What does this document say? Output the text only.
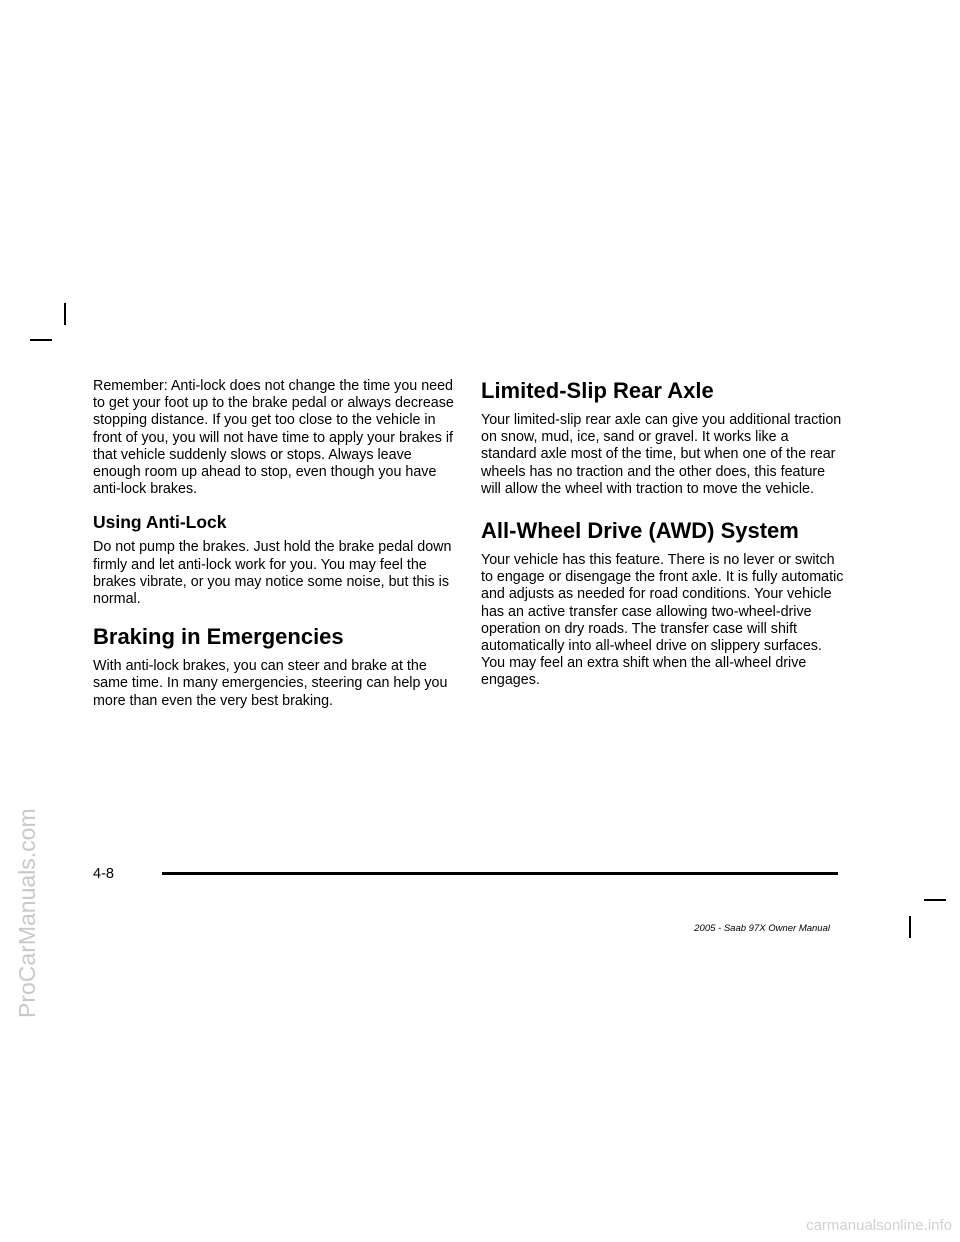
ProCarManuals.com

Remember: Anti-lock does not change the time you need to get your foot up to the brake pedal or always decrease stopping distance. If you get too close to the vehicle in front of you, you will not have time to apply your brakes if that vehicle suddenly slows or stops. Always leave enough room up ahead to stop, even though you have anti-lock brakes.

Using Anti-Lock

Do not pump the brakes. Just hold the brake pedal down firmly and let anti-lock work for you. You may feel the brakes vibrate, or you may notice some noise, but this is normal.

Braking in Emergencies

With anti-lock brakes, you can steer and brake at the same time. In many emergencies, steering can help you more than even the very best braking.

Limited-Slip Rear Axle

Your limited-slip rear axle can give you additional traction on snow, mud, ice, sand or gravel. It works like a standard axle most of the time, but when one of the rear wheels has no traction and the other does, this feature will allow the wheel with traction to move the vehicle.

All-Wheel Drive (AWD) System

Your vehicle has this feature. There is no lever or switch to engage or disengage the front axle. It is fully automatic and adjusts as needed for road conditions. Your vehicle has an active transfer case allowing two-wheel-drive operation on dry roads. The transfer case will shift automatically into all-wheel drive on slippery surfaces. You may feel an extra shift when the all-wheel drive engages.

4-8
2005 - Saab 97X Owner Manual
carmanualsonline.info
